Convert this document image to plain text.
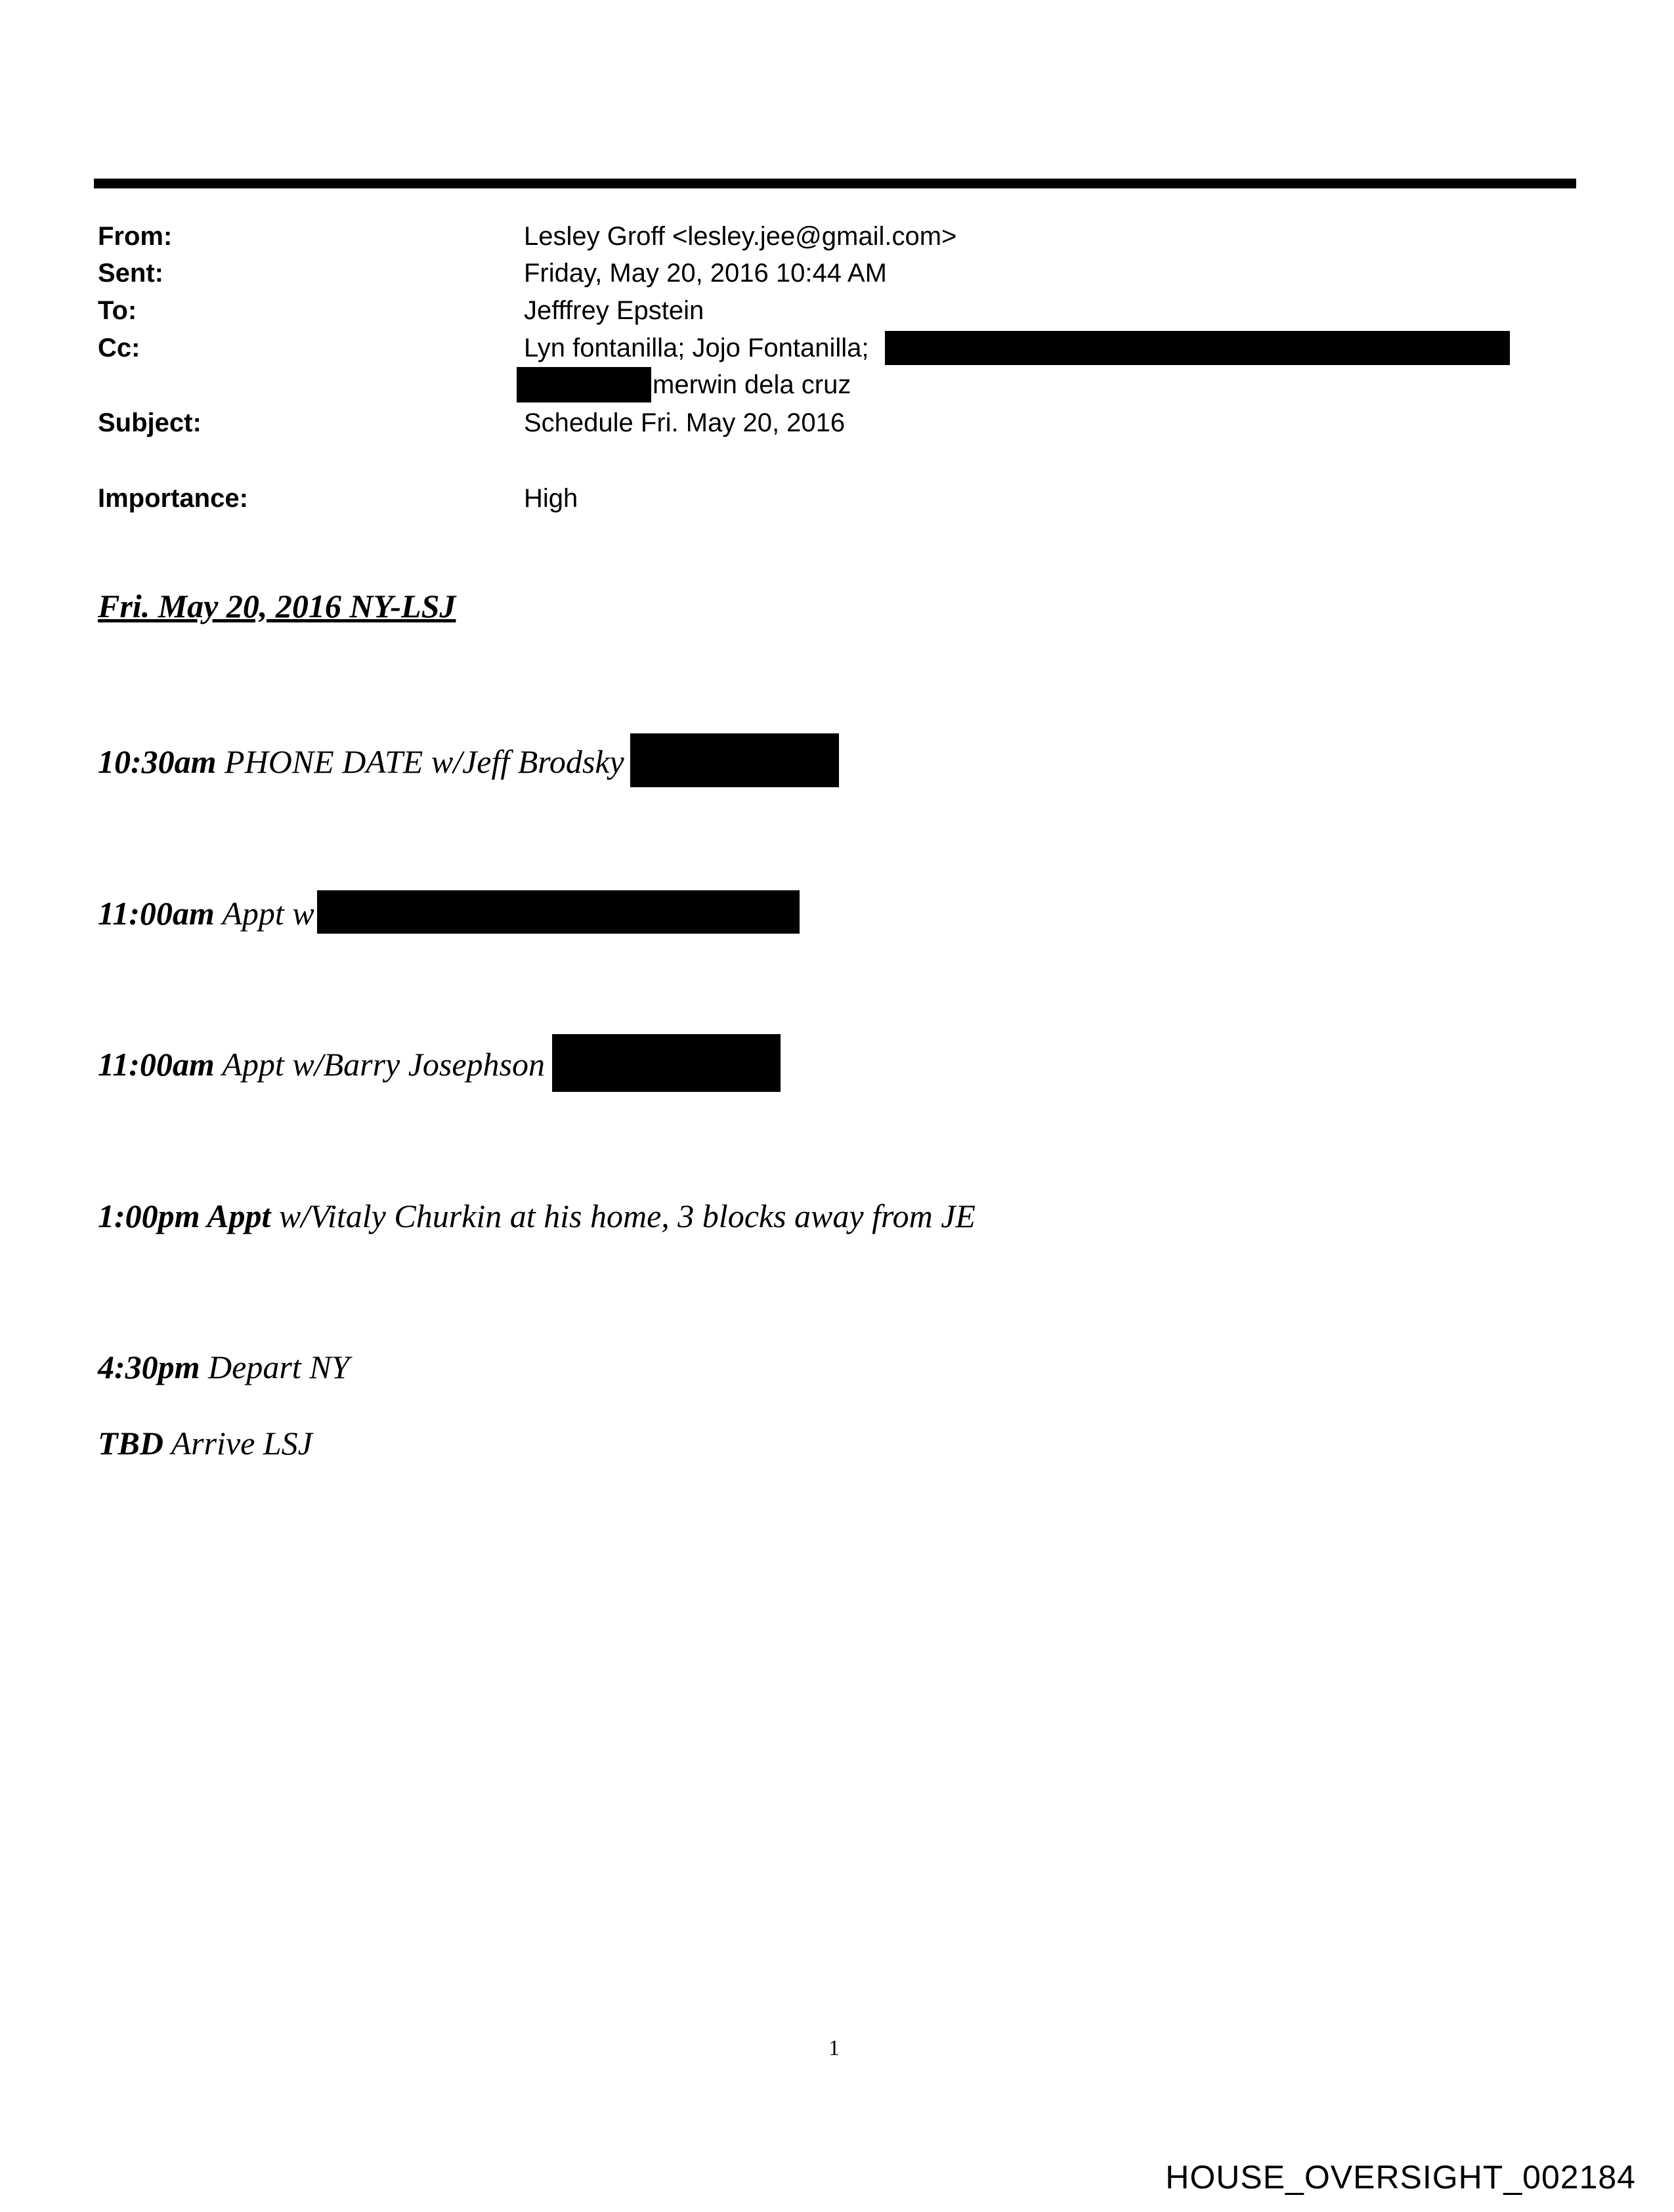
From:
Sent:
To:
Cc:
Subject:
Importance:
Lesley Groff <lesley.jee@gmail.com>
Friday, May 20, 2016 10:44 AM
Jefffrey Epstein
Lyn fontanilla; Jojo Fontanilla;
merwin dela cruz
Schedule Fri. May 20, 2016
High
Fri. May 20, 2016 NY-LSJ
10:30am PHONE DATE w/Jeff Brodsky
11:00am Appt w
11:00am Appt w/Barry Josephson
1:00pm Appt w/Vitaly Churkin at his home, 3 blocks away from JE
4:30pm Depart NY
TBD Arrive LSJ
1
HOUSE_OVERSIGHT_002184
